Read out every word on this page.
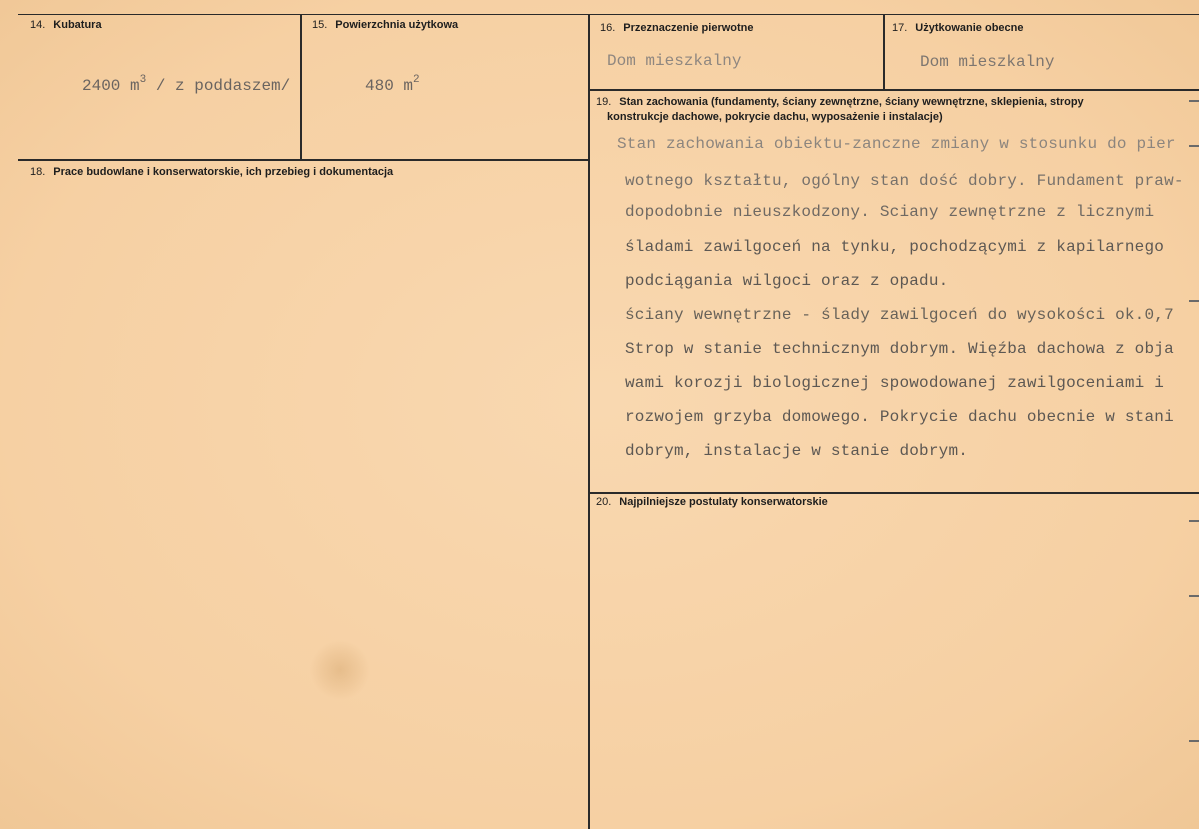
14. Kubatura
2400 $m^3$ / z poddaszem/
15. Powierzchnia użytkowa
480 $m^2$
16. Przeznaczenie pierwotne
Dom mieszkalny
17. Użytkowanie obecne
Dom mieszkalny
18. Prace budowlane i konserwatorskie, ich przebieg i dokumentacja
19. Stan zachowania (fundamenty, ściany zewnętrzne, ściany wewnętrzne, sklepienia, stropy
konstrukcje dachowe, pokrycie dachu, wyposażenie i instalacje)
Stan zachowania obiektu-zanczne zmiany w stosunku do pier
wotnego kształtu, ogólny stan dość dobry. Fundament praw-
dopodobnie nieuszkodzony. Sciany zewnętrzne z licznymi
śladami zawilgoceń na tynku, pochodzącymi z kapilarnego
podciągania wilgoci oraz z opadu.
ściany wewnętrzne - ślady zawilgoceń do wysokości ok.0,7
Strop w stanie technicznym dobrym. Więźba dachowa z obja
wami korozji biologicznej spowodowanej zawilgoceniami i
rozwojem grzyba domowego. Pokrycie dachu obecnie w stani
dobrym, instalacje w stanie dobrym.
20. Najpilniejsze postulaty konserwatorskie
